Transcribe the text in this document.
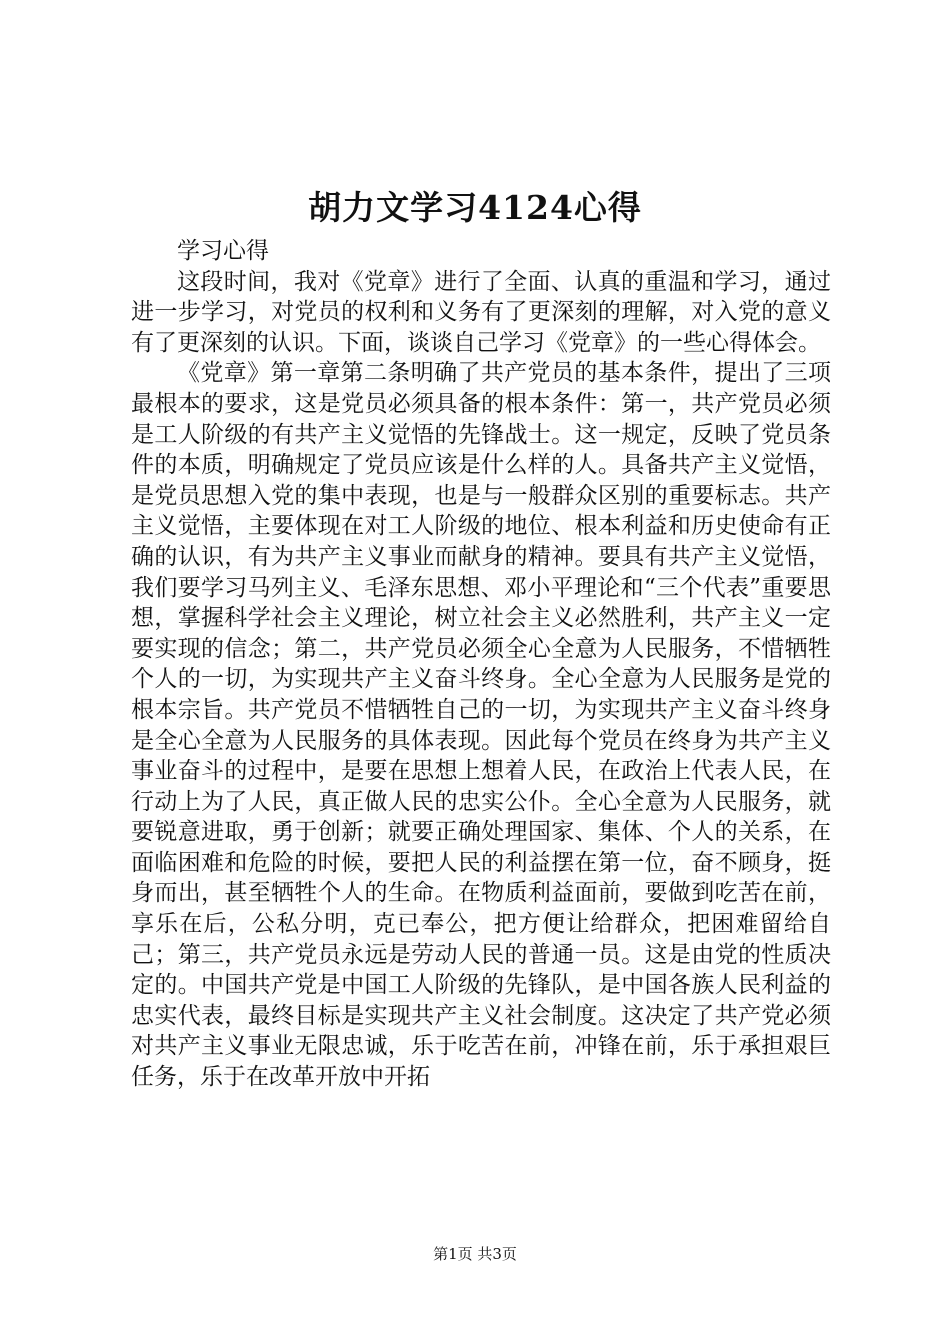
胡力文学习4124心得

学习心得

这段时间，我对《党章》进行了全面、认真的重温和学习，通过进一步学习，对党员的权利和义务有了更深刻的理解，对入党的意义有了更深刻的认识。下面，谈谈自己学习《党章》的一些心得体会。

《党章》第一章第二条明确了共产党员的基本条件，提出了三项最根本的要求，这是党员必须具备的根本条件：第一，共产党员必须是工人阶级的有共产主义觉悟的先锋战士。这一规定，反映了党员条件的本质，明确规定了党员应该是什么样的人。具备共产主义觉悟，是党员思想入党的集中表现，也是与一般群众区别的重要标志。共产主义觉悟，主要体现在对工人阶级的地位、根本利益和历史使命有正确的认识，有为共产主义事业而献身的精神。要具有共产主义觉悟，我们要学习马列主义、毛泽东思想、邓小平理论和“三个代表”重要思想，掌握科学社会主义理论，树立社会主义必然胜利，共产主义一定要实现的信念；第二，共产党员必须全心全意为人民服务，不惜牺牲个人的一切，为实现共产主义奋斗终身。全心全意为人民服务是党的根本宗旨。共产党员不惜牺牲自己的一切，为实现共产主义奋斗终身是全心全意为人民服务的具体表现。因此每个党员在终身为共产主义事业奋斗的过程中，是要在思想上想着人民，在政治上代表人民，在行动上为了人民，真正做人民的忠实公仆。全心全意为人民服务，就要锐意进取，勇于创新；就要正确处理国家、集体、个人的关系，在面临困难和危险的时候，要把人民的利益摆在第一位，奋不顾身，挺身而出，甚至牺牲个人的生命。在物质利益面前，要做到吃苦在前，享乐在后，公私分明，克已奉公，把方便让给群众，把困难留给自己；第三，共产党员永远是劳动人民的普通一员。这是由党的性质决定的。中国共产党是中国工人阶级的先锋队，是中国各族人民利益的忠实代表，最终目标是实现共产主义社会制度。这决定了共产党必须对共产主义事业无限忠诚，乐于吃苦在前，冲锋在前，乐于承担艰巨任务，乐于在改革开放中开拓

第1页 共3页
